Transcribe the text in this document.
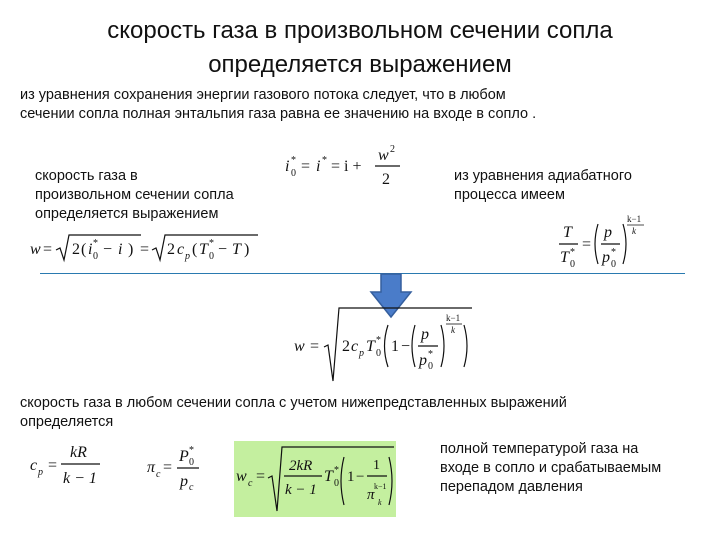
скорость газа в произвольном сечении сопла
определяется выражением
из уравнения сохранения энергии газового потока следует, что в любом
сечении сопла полная энтальпия газа равна ее значению на входе в сопло .
i *
0 = i * = i +
w 2
2
скорость газа в
произвольном сечении сопла
определяется выражением
из уравнения адиабатного
процесса имеем
w = 2 ( i *
0 − i ) = 2 c p ( T *
0 − T )
T
T *
0
=
p
p *
0
k−1
k
w = 2 c p T *
0 1 −
p
p *
0
k−1
k
скорость газа в любом сечении сопла с учетом нижепредставленных выражений
определяется
c p =
kR
k − 1
π c =
P *
0
p c
w c =
2kR
k − 1
T *
0 1 −
1
π
k−1
k
полной температурой газа на
входе в сопло и срабатываемым
перепадом давления
